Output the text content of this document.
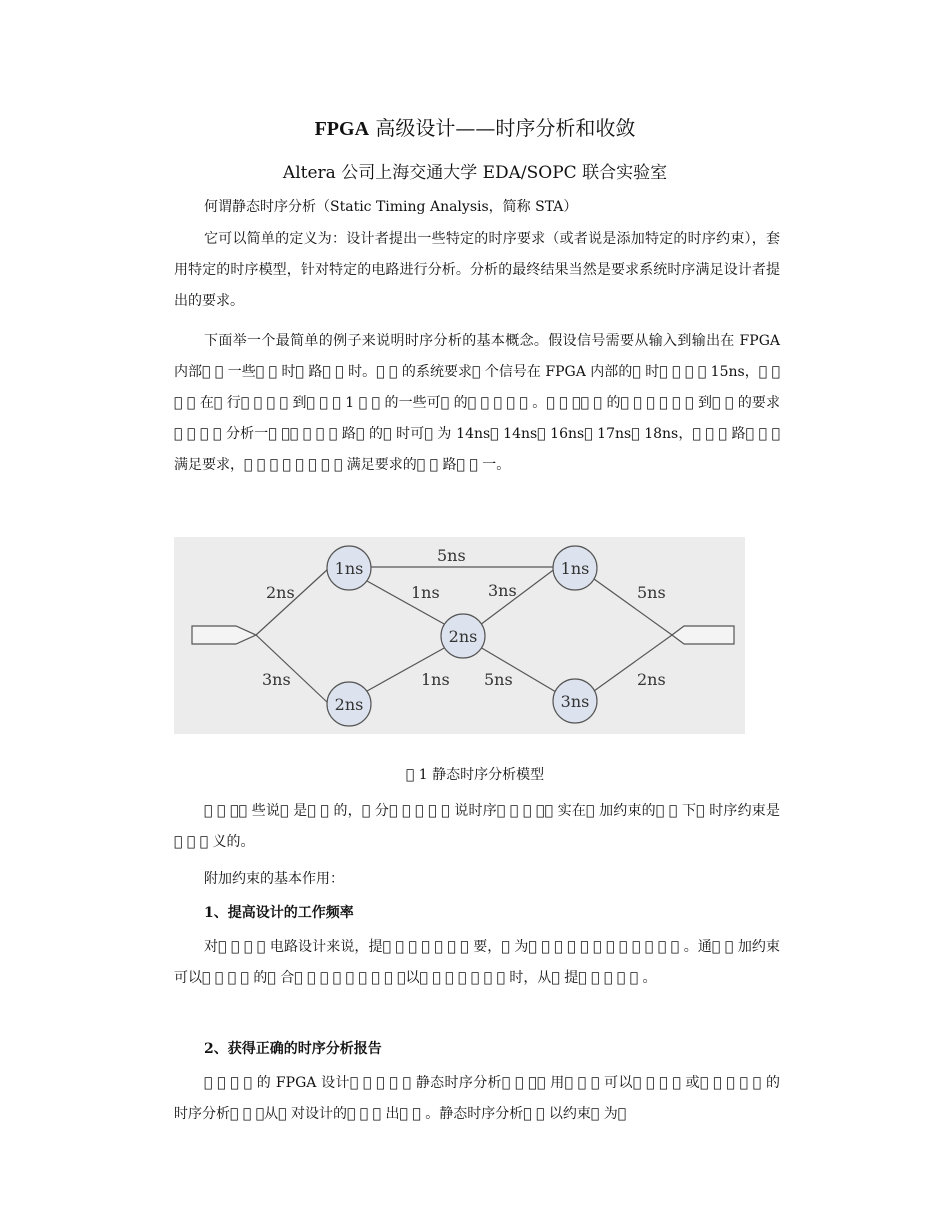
FPGA 高级设计——时序分析和收敛
Altera 公司上海交通大学 EDA/SOPC 联合实验室
何谓静态时序分析（Static Timing Analysis，简称 STA）
它可以简单的定义为：设计者提出一些特定的时序要求（或者说是添加特定的时序约束），套用特定的时序模型，针对特定的电路进行分析。分析的最终结果当然是要求系统时序满足设计者提出的要求。
下面举一个最简单的例子来说明时序分析的基本概念。假设信号需要从输入到输出在 FPGA 内部􏰁 􏰁 一些􏰁 􏰁 时􏰁 路􏰁 􏰁 时。􏰁 􏰁 的系统要求􏰁 个信号在 FPGA 内部的􏰁 时􏰁 􏰁 􏰁 􏰁 15ns，􏰁 􏰁 􏰁 􏰁 在􏰁 行􏰁 􏰁 􏰁 􏰁 到􏰁 􏰁 􏰁 1 􏰁 􏰁 的一些可􏰁 的􏰁 􏰁 􏰁 􏰁 􏰁 。􏰁 􏰁 ，􏰁 􏰁 的􏰁 􏰁 􏰁 􏰁 􏰁 􏰁 到􏰁 􏰁 的要求􏰁 􏰁 􏰁 􏰁 分析一􏰁 ，􏰁 􏰁 􏰁 􏰁 路􏰁 的􏰁 时可􏰁 为 14ns􏰁 14ns􏰁 16ns􏰁 17ns􏰁 18ns，􏰁 􏰁 􏰁 路􏰁 􏰁 􏰁 满足要求，􏰁 􏰁 􏰁 􏰁 􏰁 􏰁 􏰁 􏰁 满足要求的􏰁 􏰁 路􏰁 􏰁 一。
1ns	1ns
2ns
2ns	3ns
2ns
3ns
5ns
1ns
1ns
3ns
5ns
5ns
2ns
􏰁 1 静态时序分析模型
􏰁 􏰁 ，􏰁 些说􏰁 是􏰁 􏰁 的，􏰁 分􏰁 􏰁 􏰁 􏰁 􏰁 说时序􏰁 􏰁 􏰁 ，􏰁 实在􏰁 加约束的􏰁 􏰁 下􏰁 时序约束是􏰁 􏰁 􏰁 义的。
附加约束的基本作用：
1、提高设计的工作频率
对􏰁 􏰁 􏰁 􏰁 电路设计来说，提􏰁 􏰁 􏰁 􏰁 􏰁 􏰁 􏰁 要，􏰁 为􏰁 􏰁 􏰁 􏰁 􏰁 􏰁 􏰁 􏰁 􏰁 􏰁 􏰁 􏰁 。通􏰁 􏰁 加约束可以􏰁 􏰁 􏰁 􏰁 的􏰁 合􏰁 􏰁 􏰁 􏰁 􏰁 􏰁 􏰁 􏰁 ，以􏰁 􏰁 􏰁 􏰁 􏰁 􏰁 􏰁 时，从􏰁 提􏰁 􏰁 􏰁 􏰁 􏰁 。
2、获得正确的时序分析报告
􏰁 􏰁 􏰁 􏰁 的 FPGA 设计􏰁 􏰁 􏰁 􏰁 􏰁 静态时序分析􏰁 􏰁 ，􏰁 用􏰁 􏰁 􏰁 可以􏰁 􏰁 􏰁 􏰁 或􏰁 􏰁 􏰁 􏰁 􏰁 的时序分析􏰁 􏰁 ，从􏰁 对设计的􏰁 􏰁 􏰁 出􏰁 􏰁 。静态时序分析􏰁 􏰁 以约束􏰁 为􏰁
